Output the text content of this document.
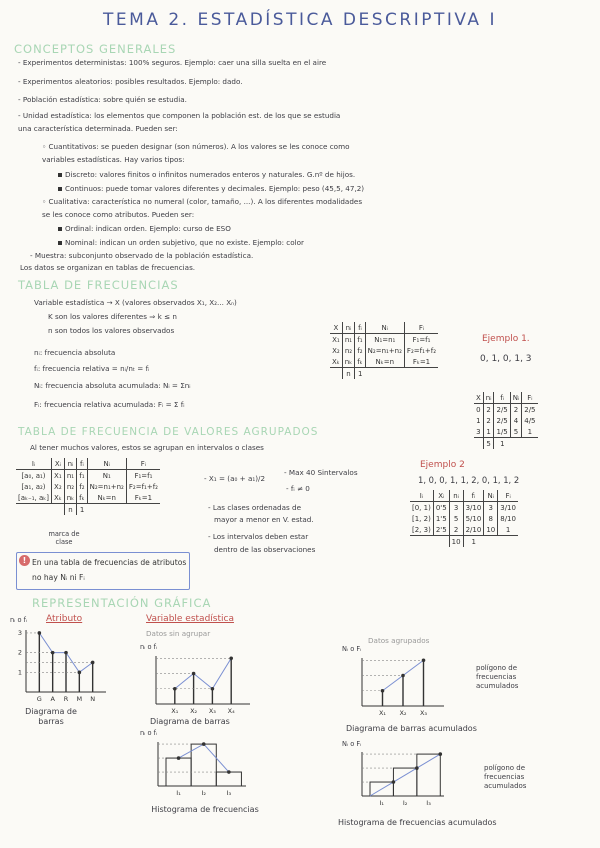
TEMA 2. ESTADÍSTICA DESCRIPTIVA I
CONCEPTOS GENERALES
- Experimentos deterministas: 100% seguros. Ejemplo: caer una silla suelta en el aire
- Experimentos aleatorios: posibles resultados. Ejemplo: dado.
- Población estadística: sobre quién se estudia.
- Unidad estadística: los elementos que componen la población est. de los que se estudia
una característica determinada. Pueden ser:
◦ Cuantitativos: se pueden designar (son números). A los valores se les conoce como
variables estadísticas. Hay varios tipos:
Discreto: valores finitos o infinitos numerados enteros y naturales. G.nº de hijos.
Continuos: puede tomar valores diferentes y decimales. Ejemplo: peso (45,5, 47,2)
◦ Cualitativa: característica no numeral (color, tamaño, ...). A los diferentes modalidades
se les conoce como atributos. Pueden ser:
Ordinal: indican orden. Ejemplo: curso de ESO
Nominal: indican un orden subjetivo, que no existe. Ejemplo: color
- Muestra: subconjunto observado de la población estadística.
Los datos se organizan en tablas de frecuencias.
TABLA DE FRECUENCIAS
Variable estadística → X (valores observados X₁, X₂... Xₙ)
K son los valores diferentes ⇒ k ≤ n
n son todos los valores observados
nᵢ: frecuencia absoluta
fᵢ: frecuencia relativa = nᵢ/nₜ = fᵢ
Nᵢ: frecuencia absoluta acumulada: Nᵢ = Σnᵢ
Fᵢ: frecuencia relativa acumulada: Fᵢ = Σ fᵢ
X	nᵢ	fᵢ	Nᵢ	Fᵢ
X₁	n₁	f₁	N₁=n₁	F₁=f₁
X₂	n₂	f₂	N₂=n₁+n₂	F₂=f₁+f₂
Xₖ	nₖ	fₖ	Nₖ=n	Fₖ=1
	n	1		
Ejemplo 1.
0, 1, 0, 1, 3
X	nᵢ	fᵢ	Nᵢ	Fᵢ
0	2	2/5	2	2/5
1	2	2/5	4	4/5
3	1	1/5	5	1
	5	1		
TABLA DE FRECUENCIA DE VALORES AGRUPADOS
Al tener muchos valores, estos se agrupan en intervalos o clases
Iᵢ	Xᵢ	nᵢ	fᵢ	Nᵢ	Fᵢ
[a₀, a₁)	X₁	n₁	f₁	N₁	F₁=f₁
[a₁, a₂)	X₂	n₂	f₂	N₂=n₁+n₂	F₂=f₁+f₂
[aₖ₋₁, aₖ]	Xₖ	nₖ	fₖ	Nₖ=n	Fₖ=1
		n	1		
marca de clase
- X₁ = (a₀ + a₁)/2
- Max 40 Sintervalos
- fᵢ ≠ 0
- Las clases ordenadas de
mayor a menor en V. estad.
- Los intervalos deben estar
dentro de las observaciones
Ejemplo 2
1, 0, 0, 1, 1, 2, 0, 1, 1, 2
Iᵢ	Xᵢ	nᵢ	fᵢ	Nᵢ	Fᵢ
[0, 1)	0'5	3	3/10	3	3/10
[1, 2)	1'5	5	5/10	8	8/10
[2, 3)	2'5	2	2/10	10	1
		10	1		
! En una tabla de frecuencias de atributos no hay Nᵢ ni Fᵢ
REPRESENTACIÓN GRÁFICA
Atributo	Variable estadística
Datos sin agrupar
Datos agrupados
nᵢ o fᵢ
nᵢ o fᵢ
nᵢ o fᵢ
Nᵢ o Fᵢ
Nᵢ o Fᵢ
G A R M N
1
2
3
X₁ X₂ X₃ X₄
I₁	I₂	I₃
X₁ X₂ X₃
I₁	I₂	I₃
Diagrama de barras	Diagrama de barras
Diagrama de barras acumulados
Histograma de frecuencias
Histograma de frecuencias acumulados
polígono de frecuencias acumulados
polígono de frecuencias acumulados
